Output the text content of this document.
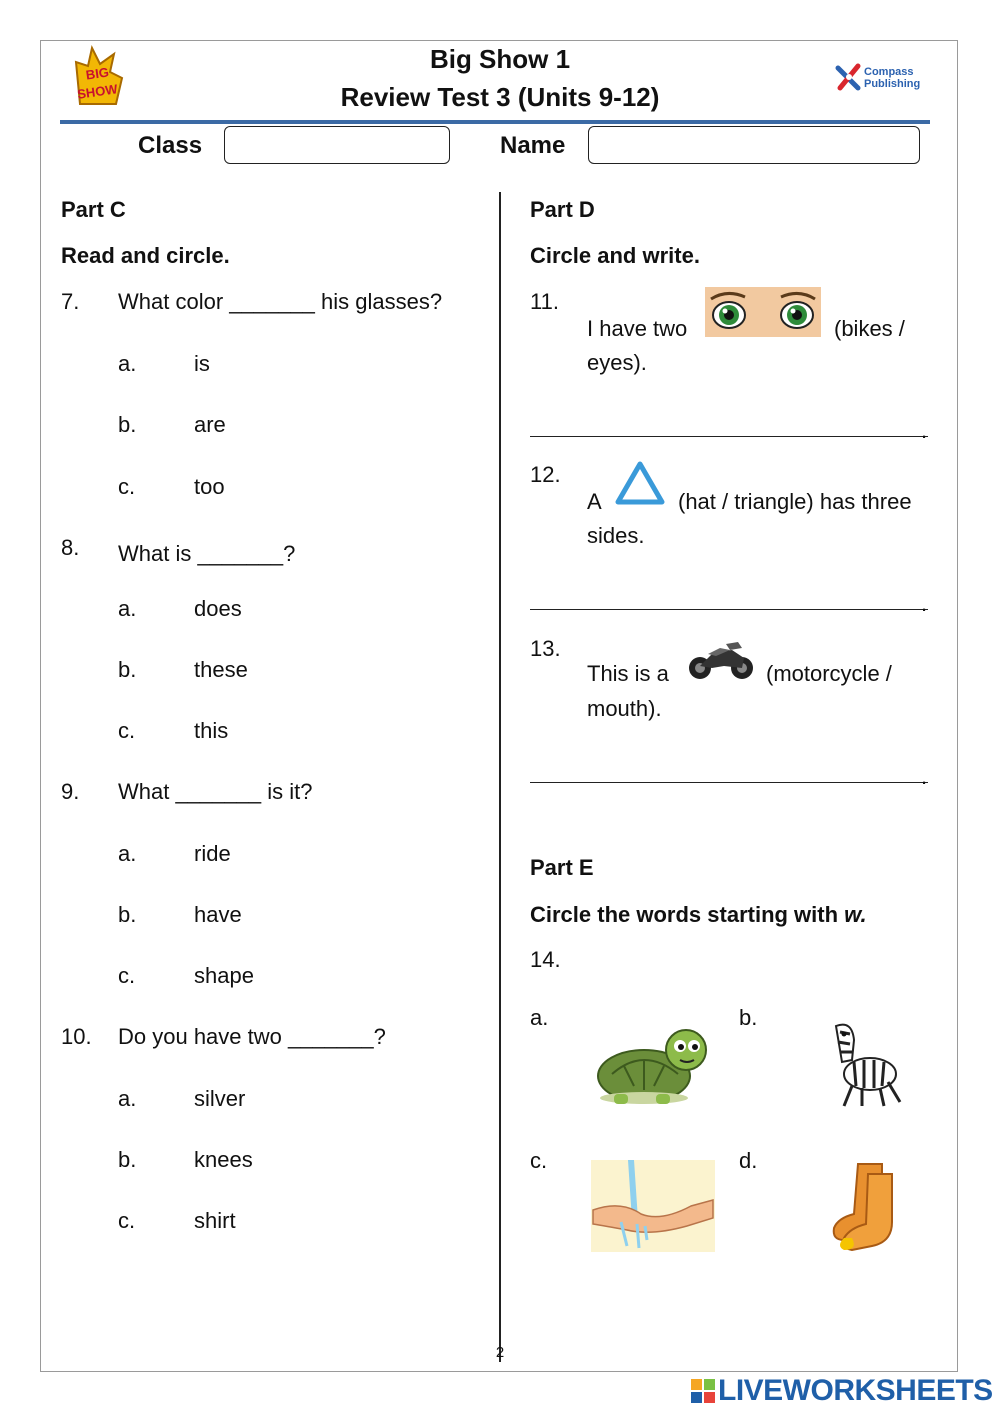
BIG
SHOW
Compass
Publishing
Big Show 1
Review Test 3 (Units 9-12)
Class	Name
Part C
Read and circle.
7. What color _______ his glasses?
a.	is
b.	are
c.	too
8. What is _______?
a.	does
b.	these
c.	this
9. What _______ is it?
a.	ride
b.	have
c.	shape
10. Do you have two _______?
a.	silver
b.	knees
c.	shirt
Part D
Circle and write.
11.
I have two	(bikes /
eyes).
.
12.
A	(hat / triangle) has three
sides.
.
13.
This is a	(motorcycle /
mouth).
.
Part E
Circle the words starting with w.
14.
a.	b.
c.	d.
2
LIVEWORKSHEETS
